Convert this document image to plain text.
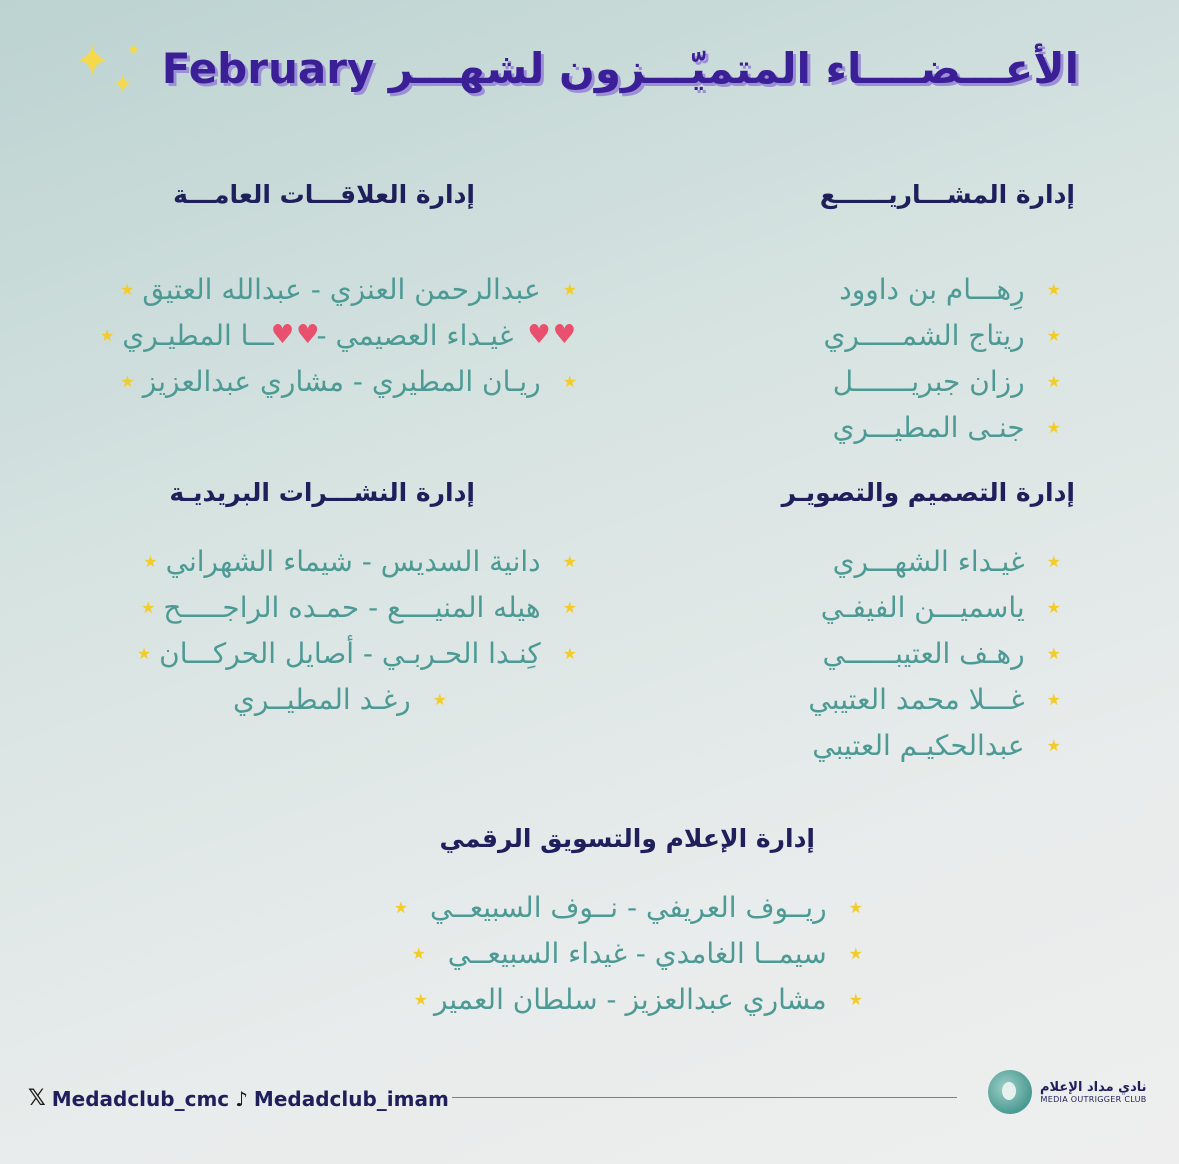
الأعـــضــــاء المتميّـــزون لشهـــر February
✦ ✦
✦
إدارة المشـــاريــــــع
★
رِهـــام بن داوود
★
ريتاج الشمـــــري
★
رزان جبريـــــــل
★
جنـى المطيـــري
إدارة العلاقـــات العامـــة
★
عبدالرحمن العنزي - عبدالله العتيق
★
♥
♥
غيـداء العصيمي -
♥
♥
ـــا المطيـري
★
★
ريـان المطيري - مشاري عبدالعزيز
★
إدارة التصميم والتصويـر
★
غيـداء الشهـــري
★
ياسميـــن الفيفـي
★
رهـف العتيبــــــي
★
غـــلا محمد العتيبي
★
عبدالحكيـم العتيبي
إدارة النشـــرات البريديـة
★
دانية السديس - شيماء الشهراني
★
★
هيله المنيــــع - حمـده الراجـــــح
★
★
كِنـدا الحـربـي - أصايل الحركـــان
★
★
رغـد المطيــري
إدارة الإعلام والتسويق الرقمي
★
ريــوف العريفي - نــوف السبيعــي
★
★
سيمــا الغامدي - غيداء السبيعــي
★
★
مشاري عبدالعزيز - سلطان العمير
★
𝕏 Medadclub_cmc ♪ Medadclub_imam	نادي مداد الإعلام
MEDIA OUTRIGGER CLUB
